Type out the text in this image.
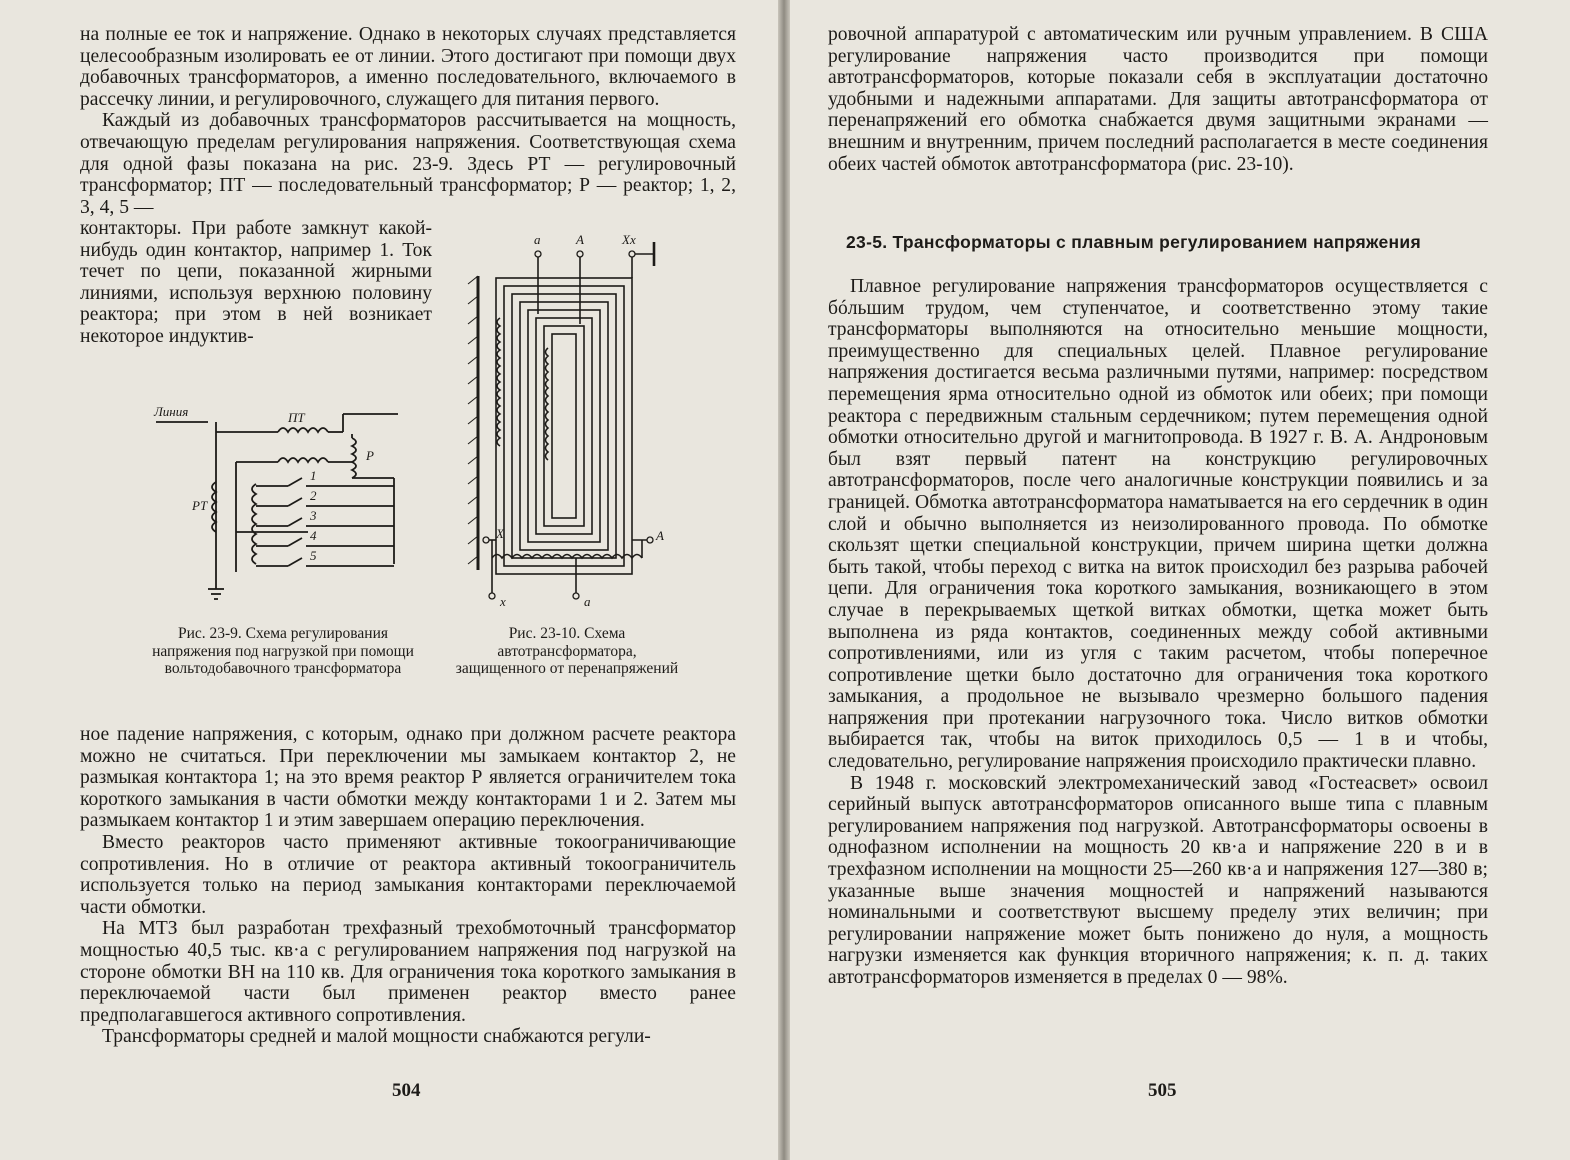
на полные ее ток и напряжение. Однако в некоторых случаях представляется целесообразным изолировать ее от линии. Этого достигают при помощи двух добавочных трансформаторов, а именно последовательного, включаемого в рассечку линии, и регулировочного, служащего для питания первого.

Каждый из добавочных трансформаторов рассчитывается на мощность, отвечающую пределам регулирования напряжения. Соответствующая схема для одной фазы показана на рис. 23-9. Здесь РТ — регулировочный трансформатор; ПТ — последовательный трансформатор; Р — реактор; 1, 2, 3, 4, 5 —

контакторы. При работе замкнут какой-нибудь один контактор, например 1. Ток течет по цепи, показанной жирными линиями, используя верхнюю половину реактора; при этом в ней возникает некоторое индуктив-

Линия	ПТ
РТ
Р
1
2
3
4
5
а	А	Xx
X	А
x	а
Рис. 23-9. Схема регулирования напряжения под нагрузкой при помощи вольтодобавочного трансформатора
Рис. 23-10. Схема автотрансформатора, защищенного от перенапряжений

ное падение напряжения, с которым, однако при должном расчете реактора можно не считаться. При переключении мы замыкаем контактор 2, не размыкая контактора 1; на это время реактор Р является ограничителем тока короткого замыкания в части обмотки между контакторами 1 и 2. Затем мы размыкаем контактор 1 и этим завершаем операцию переключения.

Вместо реакторов часто применяют активные токоограничивающие сопротивления. Но в отличие от реактора активный токоограничитель используется только на период замыкания контакторами переключаемой части обмотки.

На МТЗ был разработан трехфазный трехобмоточный трансформатор мощностью 40,5 тыс. кв·а с регулированием напряжения под нагрузкой на стороне обмотки ВН на 110 кв. Для ограничения тока короткого замыкания в переключаемой части был применен реактор вместо ранее предполагавшегося активного сопротивления.

Трансформаторы средней и малой мощности снабжаются регули-

504

ровочной аппаратурой с автоматическим или ручным управлением. В США регулирование напряжения часто производится при помощи автотрансформаторов, которые показали себя в эксплуатации достаточно удобными и надежными аппаратами. Для защиты автотрансформатора от перенапряжений его обмотка снабжается двумя защитными экранами — внешним и внутренним, причем последний располагается в месте соединения обеих частей обмоток автотрансформатора (рис. 23-10).

23-5. Трансформаторы с плавным регулированием напряжения

Плавное регулирование напряжения трансформаторов осуществляется с бóльшим трудом, чем ступенчатое, и соответственно этому такие трансформаторы выполняются на относительно меньшие мощности, преимущественно для специальных целей. Плавное регулирование напряжения достигается весьма различными путями, например: посредством перемещения ярма относительно одной из обмоток или обеих; при помощи реактора с передвижным стальным сердечником; путем перемещения одной обмотки относительно другой и магнитопровода. В 1927 г. В. А. Андроновым был взят первый патент на конструкцию регулировочных автотрансформаторов, после чего аналогичные конструкции появились и за границей. Обмотка автотрансформатора наматывается на его сердечник в один слой и обычно выполняется из неизолированного провода. По обмотке скользят щетки специальной конструкции, причем ширина щетки должна быть такой, чтобы переход с витка на виток происходил без разрыва рабочей цепи. Для ограничения тока короткого замыкания, возникающего в этом случае в перекрываемых щеткой витках обмотки, щетка может быть выполнена из ряда контактов, соединенных между собой активными сопротивлениями, или из угля с таким расчетом, чтобы поперечное сопротивление щетки было достаточно для ограничения тока короткого замыкания, а продольное не вызывало чрезмерно большого падения напряжения при протекании нагрузочного тока. Число витков обмотки выбирается так, чтобы на виток приходилось 0,5 — 1 в и чтобы, следовательно, регулирование напряжения происходило практически плавно.

В 1948 г. московский электромеханический завод «Гостеасвет» освоил серийный выпуск автотрансформаторов описанного выше типа с плавным регулированием напряжения под нагрузкой. Автотрансформаторы освоены в однофазном исполнении на мощность 20 кв·а и напряжение 220 в и в трехфазном исполнении на мощности 25—260 кв·а и напряжения 127—380 в; указанные выше значения мощностей и напряжений называются номинальными и соответствуют высшему пределу этих величин; при регулировании напряжение может быть понижено до нуля, а мощность нагрузки изменяется как функция вторичного напряжения; к. п. д. таких автотрансформаторов изменяется в пределах 0 — 98%.

505
